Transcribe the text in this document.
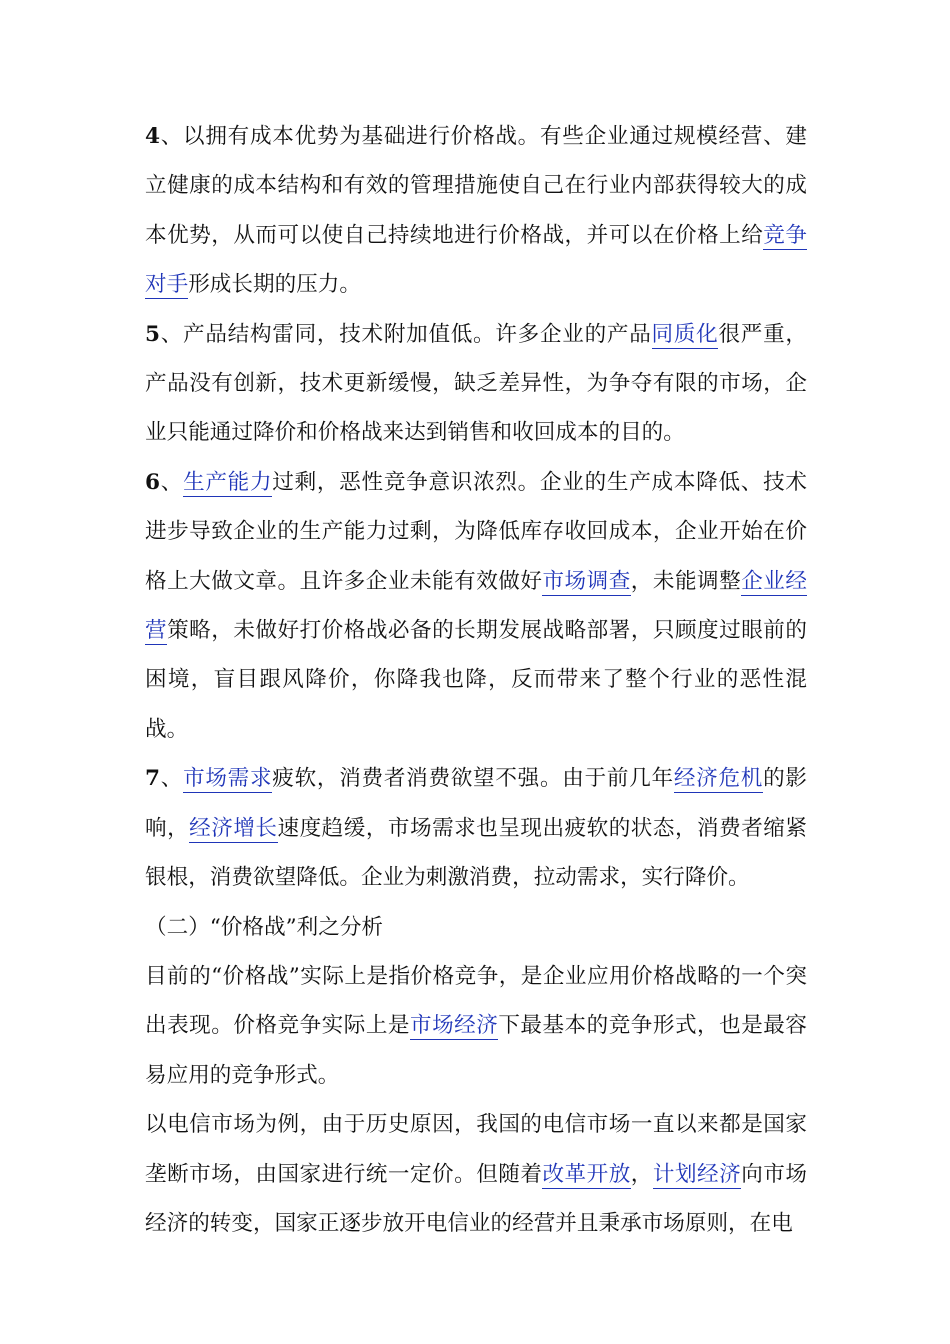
4、以拥有成本优势为基础进行价格战。有些企业通过规模经营、建立健康的成本结构和有效的管理措施使自己在行业内部获得较大的成本优势，从而可以使自己持续地进行价格战，并可以在价格上给竞争对手形成长期的压力。

5、产品结构雷同，技术附加值低。许多企业的产品同质化很严重，产品没有创新，技术更新缓慢，缺乏差异性，为争夺有限的市场，企业只能通过降价和价格战来达到销售和收回成本的目的。

6、生产能力过剩，恶性竞争意识浓烈。企业的生产成本降低、技术进步导致企业的生产能力过剩，为降低库存收回成本，企业开始在价格上大做文章。且许多企业未能有效做好市场调查，未能调整企业经营策略，未做好打价格战必备的长期发展战略部署，只顾度过眼前的困境，盲目跟风降价，你降我也降，反而带来了整个行业的恶性混战。

7、市场需求疲软，消费者消费欲望不强。由于前几年经济危机的影响，经济增长速度趋缓，市场需求也呈现出疲软的状态，消费者缩紧银根，消费欲望降低。企业为刺激消费，拉动需求，实行降价。

（二）“价格战”利之分析

目前的“价格战”实际上是指价格竞争，是企业应用价格战略的一个突出表现。价格竞争实际上是市场经济下最基本的竞争形式，也是最容易应用的竞争形式。

以电信市场为例，由于历史原因，我国的电信市场一直以来都是国家垄断市场，由国家进行统一定价。但随着改革开放，计划经济向市场经济的转变，国家正逐步放开电信业的经营并且秉承市场原则，在电
